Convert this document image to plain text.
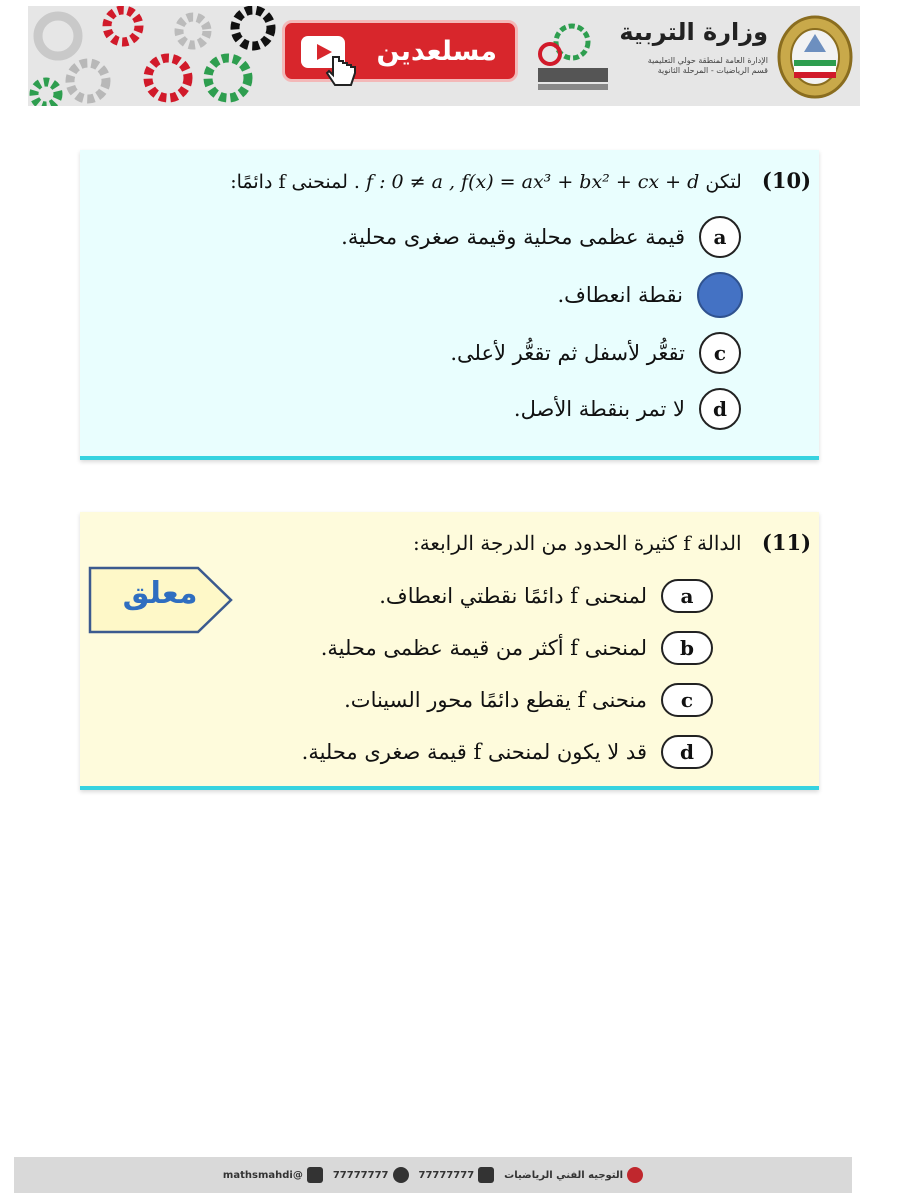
مسلعدين
وزارة التربية
الإدارة العامة لمنطقة حولي التعليمية
قسم الرياضيات - المرحلة الثانوية
(10) لتكن f : 0 ≠ a , f(x) = ax³ + bx² + cx + d . لمنحنى f دائمًا:
a
قيمة عظمى محلية وقيمة صغرى محلية.
نقطة انعطاف.
c
تقعُّر لأسفل ثم تقعُّر لأعلى.
d
لا تمر بنقطة الأصل.
(11) الدالة f كثيرة الحدود من الدرجة الرابعة:
a
لمنحنى f دائمًا نقطتي انعطاف.
b
لمنحنى f أكثر من قيمة عظمى محلية.
c
منحنى f يقطع دائمًا محور السينات.
d
قد لا يكون لمنحنى f قيمة صغرى محلية.
معلق
التوجيه الفني الرياضيات
77777777
77777777
@mathsmahdi
